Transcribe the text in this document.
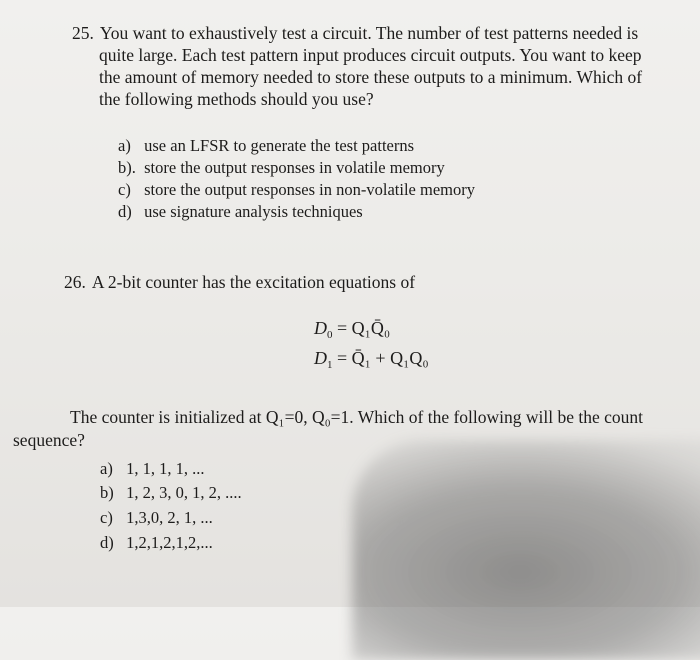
25. You want to exhaustively test a circuit. The number of test patterns needed is
quite large. Each test pattern input produces circuit outputs. You want to keep
the amount of memory needed to store these outputs to a minimum. Which of
the following methods should you use?
a) use an LFSR to generate the test patterns
b). store the output responses in volatile memory
c) store the output responses in non-volatile memory
d) use signature analysis techniques
26. A 2-bit counter has the excitation equations of
$D_0$ = Q₁Q̄₀
$D_1$ = Q̄₁ + Q₁Q₀
The counter is initialized at Q₁=0, Q₀=1. Which of the following will be the count
sequence?
a) 1, 1, 1, 1, ...
b) 1, 2, 3, 0, 1, 2, ....
c) 1,3,0, 2, 1, ...
d) 1,2,1,2,1,2,...
